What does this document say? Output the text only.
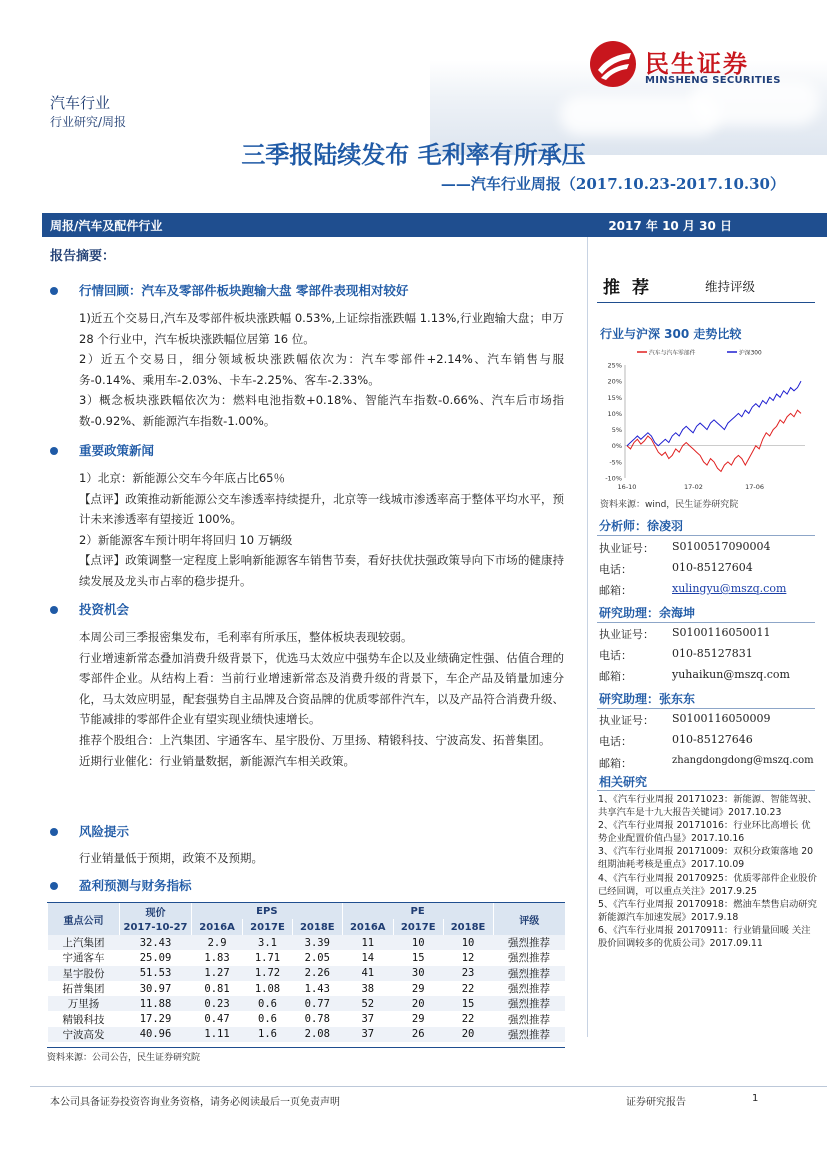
民生证券
MINSHENG SECURITIES
汽车行业
行业研究/周报
三季报陆续发布 毛利率有所承压
——汽车行业周报（2017.10.23-2017.10.30）
周报/汽车及配件行业	2017 年 10 月 30 日
报告摘要：
行情回顾：汽车及零部件板块跑输大盘 零部件表现相对较好

1)近五个交易日,汽车及零部件板块涨跌幅 0.53%,上证综指涨跌幅 1.13%,行业跑输大盘；申万 28 个行业中，汽车板块涨跌幅位居第 16 位。

2）近五个交易日，细分领域板块涨跌幅依次为：汽车零部件+2.14%、汽车销售与服务-0.14%、乘用车-2.03%、卡车-2.25%、客车-2.33%。

3）概念板块涨跌幅依次为：燃料电池指数+0.18%、智能汽车指数-0.66%、汽车后市场指数-0.92%、新能源汽车指数-1.00%。

重要政策新闻

1）北京：新能源公交车今年底占比65％

【点评】政策推动新能源公交车渗透率持续提升，北京等一线城市渗透率高于整体平均水平，预计未来渗透率有望接近 100%。

2）新能源客车预计明年将回归 10 万辆级

【点评】政策调整一定程度上影响新能源客车销售节奏，看好扶优扶强政策导向下市场的健康持续发展及龙头市占率的稳步提升。

投资机会

本周公司三季报密集发布，毛利率有所承压，整体板块表现较弱。

行业增速新常态叠加消费升级背景下，优选马太效应中强势车企以及业绩确定性强、估值合理的零部件企业。从结构上看：当前行业增速新常态及消费升级的背景下，车企产品及销量加速分化，马太效应明显，配套强势自主品牌及合资品牌的优质零部件汽车，以及产品符合消费升级、节能减排的零部件企业有望实现业绩快速增长。

推荐个股组合：上汽集团、宇通客车、星宇股份、万里扬、精锻科技、宁波高发、拓普集团。

近期行业催化：行业销量数据，新能源汽车相关政策。

风险提示

行业销量低于预期，政策不及预期。

盈利预测与财务指标
重点公司	现价	EPS			PE			评级
	2017-10-27	2016A	2017E	2018E	2016A	2017E	2018E	
上汽集团	32.43	2.9	3.1	3.39	11	10	10	强烈推荐
宇通客车	25.09	1.83	1.71	2.05	14	15	12	强烈推荐
星宇股份	51.53	1.27	1.72	2.26	41	30	23	强烈推荐
拓普集团	30.97	0.81	1.08	1.43	38	29	22	强烈推荐
万里扬	11.88	0.23	0.6	0.77	52	20	15	强烈推荐
精锻科技	17.29	0.47	0.6	0.78	37	29	22	强烈推荐
宁波高发	40.96	1.11	1.6	2.08	37	26	20	强烈推荐
资料来源：公司公告，民生证券研究院
推荐	维持评级
行业与沪深 300 走势比较
25%
20%
15%
10%
5%
0%
-5%
-10%
16-10	17-02	17-06
汽车与汽车零部件	沪深300
资料来源：wind，民生证券研究院
分析师：徐凌羽
执业证号： S0100517090004
电话：	010-85127604
邮箱：	xulingyu@mszq.com
研究助理：余海坤
执业证号： S0100116050011
电话：	010-85127831
邮箱：	yuhaikun@mszq.com
研究助理：张东东
执业证号： S0100116050009
电话：	010-85127646
邮箱：	zhangdongdong@mszq.com
相关研究
1、《汽车行业周报 20171023：新能源、智能驾驶、共享汽车是十九大报告关键词》2017.10.23
2、《汽车行业周报 20171016：行业环比高增长 优势企业配置价值凸显》2017.10.16
3、《汽车行业周报 20171009：双积分政策落地 20 组期油耗考核是重点》2017.10.09
4、《汽车行业周报 20170925：优质零部件企业股价已经回调，可以重点关注》2017.9.25
5、《汽车行业周报 20170918：燃油车禁售启动研究 新能源汽车加速发展》2017.9.18
6、《汽车行业周报 20170911：行业销量回暖 关注股价回调较多的优质公司》2017.09.11
本公司具备证券投资咨询业务资格，请务必阅读最后一页免责声明	证券研究报告	1
